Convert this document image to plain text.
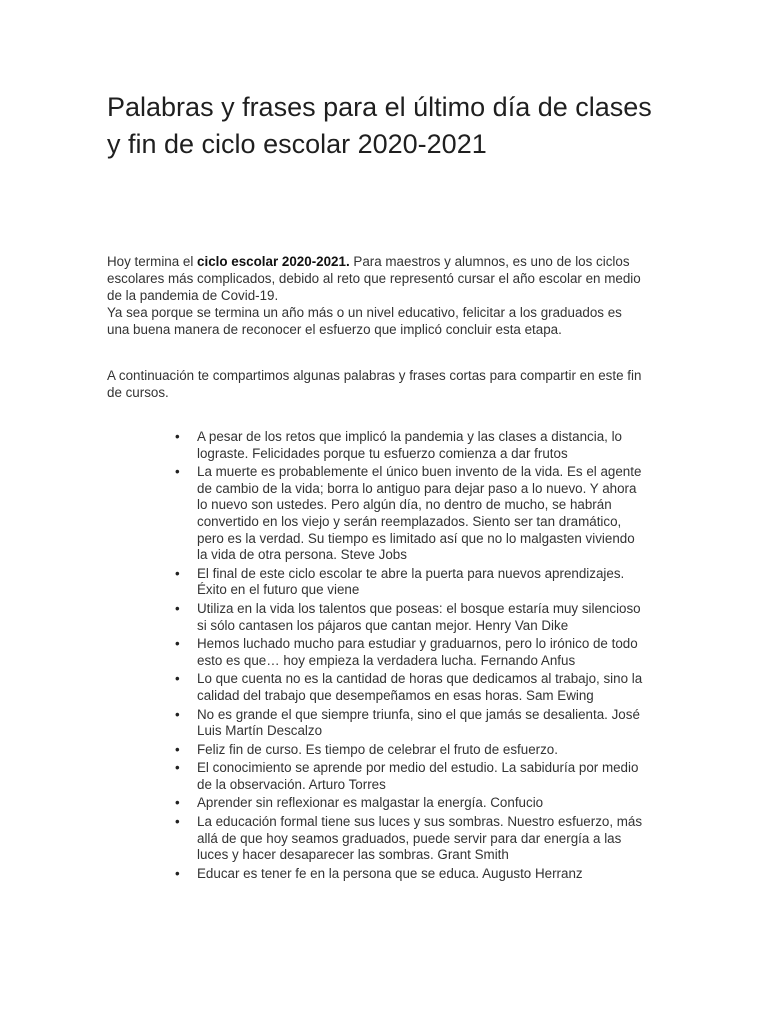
Palabras y frases para el último día de clases y fin de ciclo escolar 2020-2021

Hoy termina el ciclo escolar 2020-2021. Para maestros y alumnos, es uno de los ciclos escolares más complicados, debido al reto que representó cursar el año escolar en medio de la pandemia de Covid-19.

Ya sea porque se termina un año más o un nivel educativo, felicitar a los graduados es una buena manera de reconocer el esfuerzo que implicó concluir esta etapa.

A continuación te compartimos algunas palabras y frases cortas para compartir en este fin de cursos.

• A pesar de los retos que implicó la pandemia y las clases a distancia, lo lograste. Felicidades porque tu esfuerzo comienza a dar frutos
• La muerte es probablemente el único buen invento de la vida. Es el agente de cambio de la vida; borra lo antiguo para dejar paso a lo nuevo. Y ahora lo nuevo son ustedes. Pero algún día, no dentro de mucho, se habrán convertido en los viejo y serán reemplazados. Siento ser tan dramático, pero es la verdad. Su tiempo es limitado así que no lo malgasten viviendo la vida de otra persona. Steve Jobs
• El final de este ciclo escolar te abre la puerta para nuevos aprendizajes. Éxito en el futuro que viene
• Utiliza en la vida los talentos que poseas: el bosque estaría muy silencioso si sólo cantasen los pájaros que cantan mejor. Henry Van Dike
• Hemos luchado mucho para estudiar y graduarnos, pero lo irónico de todo esto es que… hoy empieza la verdadera lucha. Fernando Anfus
• Lo que cuenta no es la cantidad de horas que dedicamos al trabajo, sino la calidad del trabajo que desempeñamos en esas horas. Sam Ewing
• No es grande el que siempre triunfa, sino el que jamás se desalienta. José Luis Martín Descalzo
• Feliz fin de curso. Es tiempo de celebrar el fruto de esfuerzo.
• El conocimiento se aprende por medio del estudio. La sabiduría por medio de la observación. Arturo Torres
• Aprender sin reflexionar es malgastar la energía. Confucio
• La educación formal tiene sus luces y sus sombras. Nuestro esfuerzo, más allá de que hoy seamos graduados, puede servir para dar energía a las luces y hacer desaparecer las sombras. Grant Smith
• Educar es tener fe en la persona que se educa. Augusto Herranz
